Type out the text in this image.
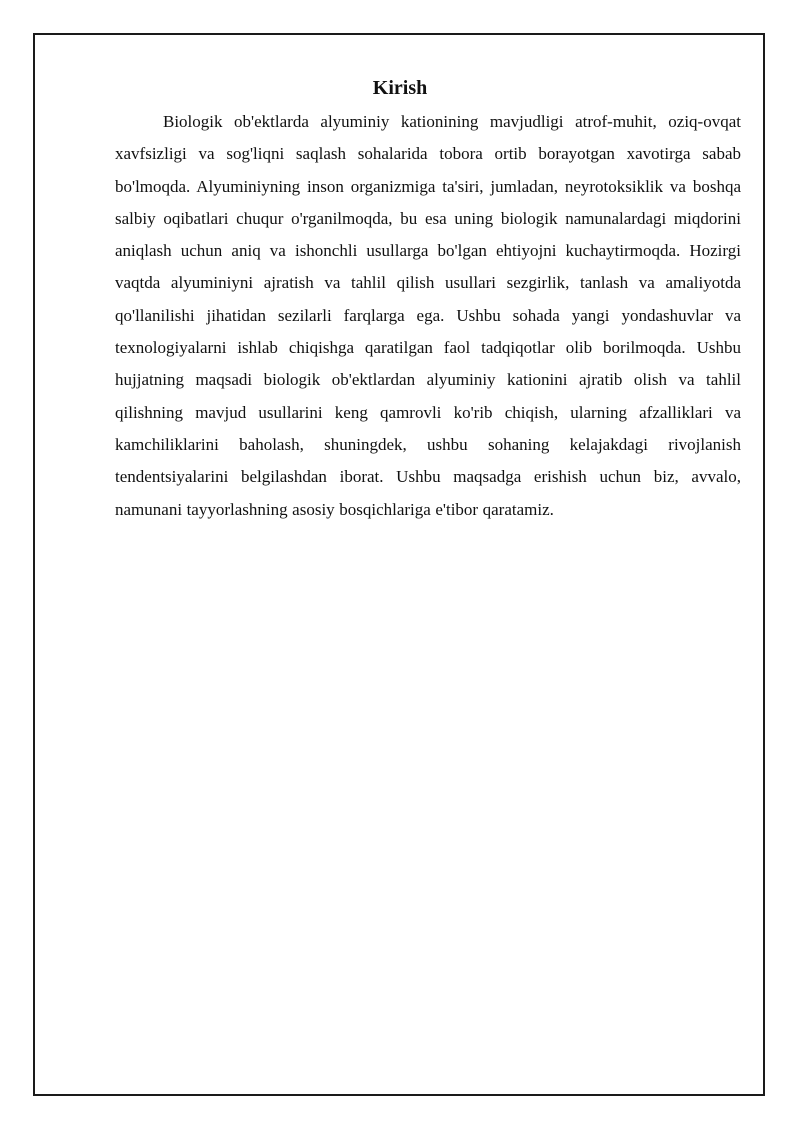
Kirish

Biologik ob'ektlarda alyuminiy kationining mavjudligi atrof-muhit, oziq-ovqat xavfsizligi va sog'liqni saqlash sohalarida tobora ortib borayotgan xavotirga sabab bo'lmoqda. Alyuminiyning inson organizmiga ta'siri, jumladan, neyrotoksiklik va boshqa salbiy oqibatlari chuqur o'rganilmoqda, bu esa uning biologik namunalardagi miqdorini aniqlash uchun aniq va ishonchli usullarga bo'lgan ehtiyojni kuchaytirmoqda. Hozirgi vaqtda alyuminiyni ajratish va tahlil qilish usullari sezgirlik, tanlash va amaliyotda qo'llanilishi jihatidan sezilarli farqlarga ega. Ushbu sohada yangi yondashuvlar va texnologiyalarni ishlab chiqishga qaratilgan faol tadqiqotlar olib borilmoqda. Ushbu hujjatning maqsadi biologik ob'ektlardan alyuminiy kationini ajratib olish va tahlil qilishning mavjud usullarini keng qamrovli ko'rib chiqish, ularning afzalliklari va kamchiliklarini baholash, shuningdek, ushbu sohaning kelajakdagi rivojlanish tendentsiyalarini belgilashdan iborat. Ushbu maqsadga erishish uchun biz, avvalo, namunani tayyorlashning asosiy bosqichlariga e'tibor qaratamiz.
